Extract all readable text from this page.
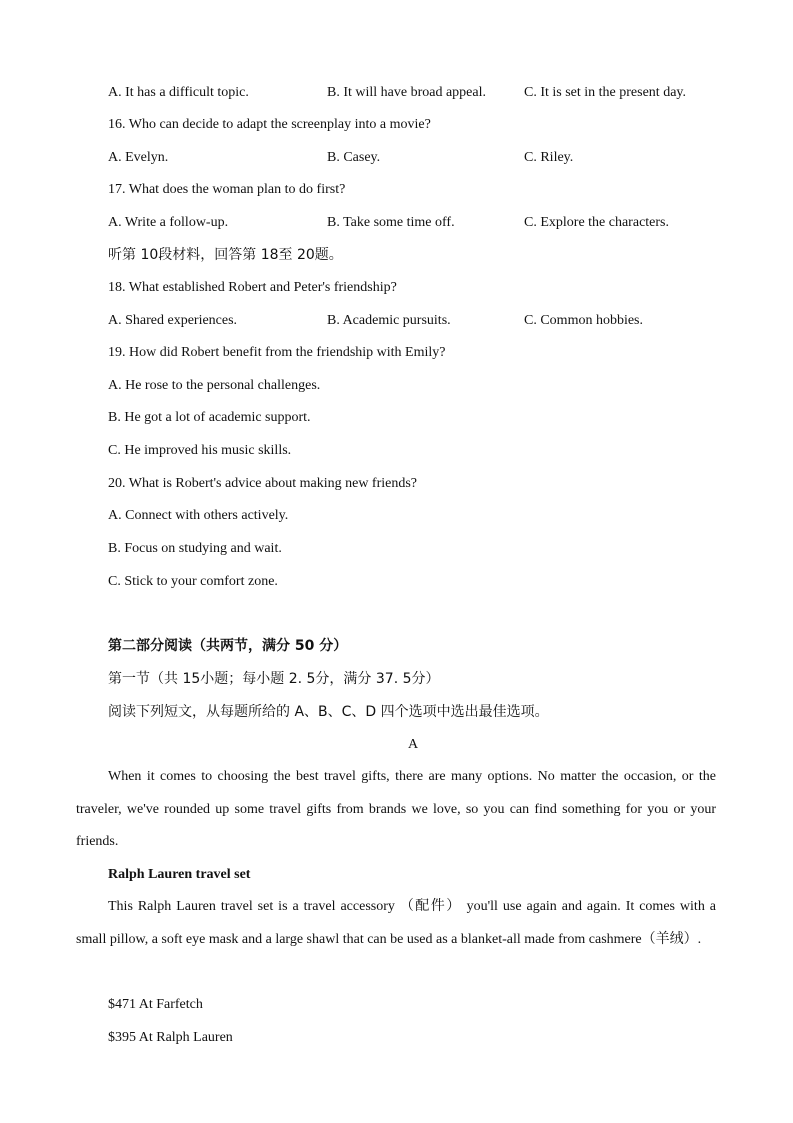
A. It has a difficult topic.	B. It will have broad appeal.	C. It is set in the present day.
16. Who can decide to adapt the screenplay into a movie?
A. Evelyn.	B. Casey.	C. Riley.
17. What does the woman plan to do first?
A. Write a follow-up.	B. Take some time off.	C. Explore the characters.
听第 10段材料，回答第 18至 20题。
18. What established Robert and Peter's friendship?
A. Shared experiences.	B. Academic pursuits.	C. Common hobbies.
19. How did Robert benefit from the friendship with Emily?
A. He rose to the personal challenges.
B. He got a lot of academic support.
C. He improved his music skills.
20. What is Robert's advice about making new friends?
A. Connect with others actively.
B. Focus on studying and wait.
C. Stick to your comfort zone.
第二部分阅读（共两节，满分 50 分）
第一节（共 15小题；每小题 2. 5分，满分 37. 5分）
阅读下列短文，从每题所给的 A、B、C、D 四个选项中选出最佳选项。
A

When it comes to choosing the best travel gifts, there are many options. No matter the occasion, or the traveler, we've rounded up some travel gifts from brands we love, so you can find something for you or your friends.

Ralph Lauren travel set

This Ralph Lauren travel set is a travel accessory （配件） you'll use again and again. It comes with a small pillow, a soft eye mask and a large shawl that can be used as a blanket-all made from cashmere（羊绒）.

$471 At Farfetch
$395 At Ralph Lauren
